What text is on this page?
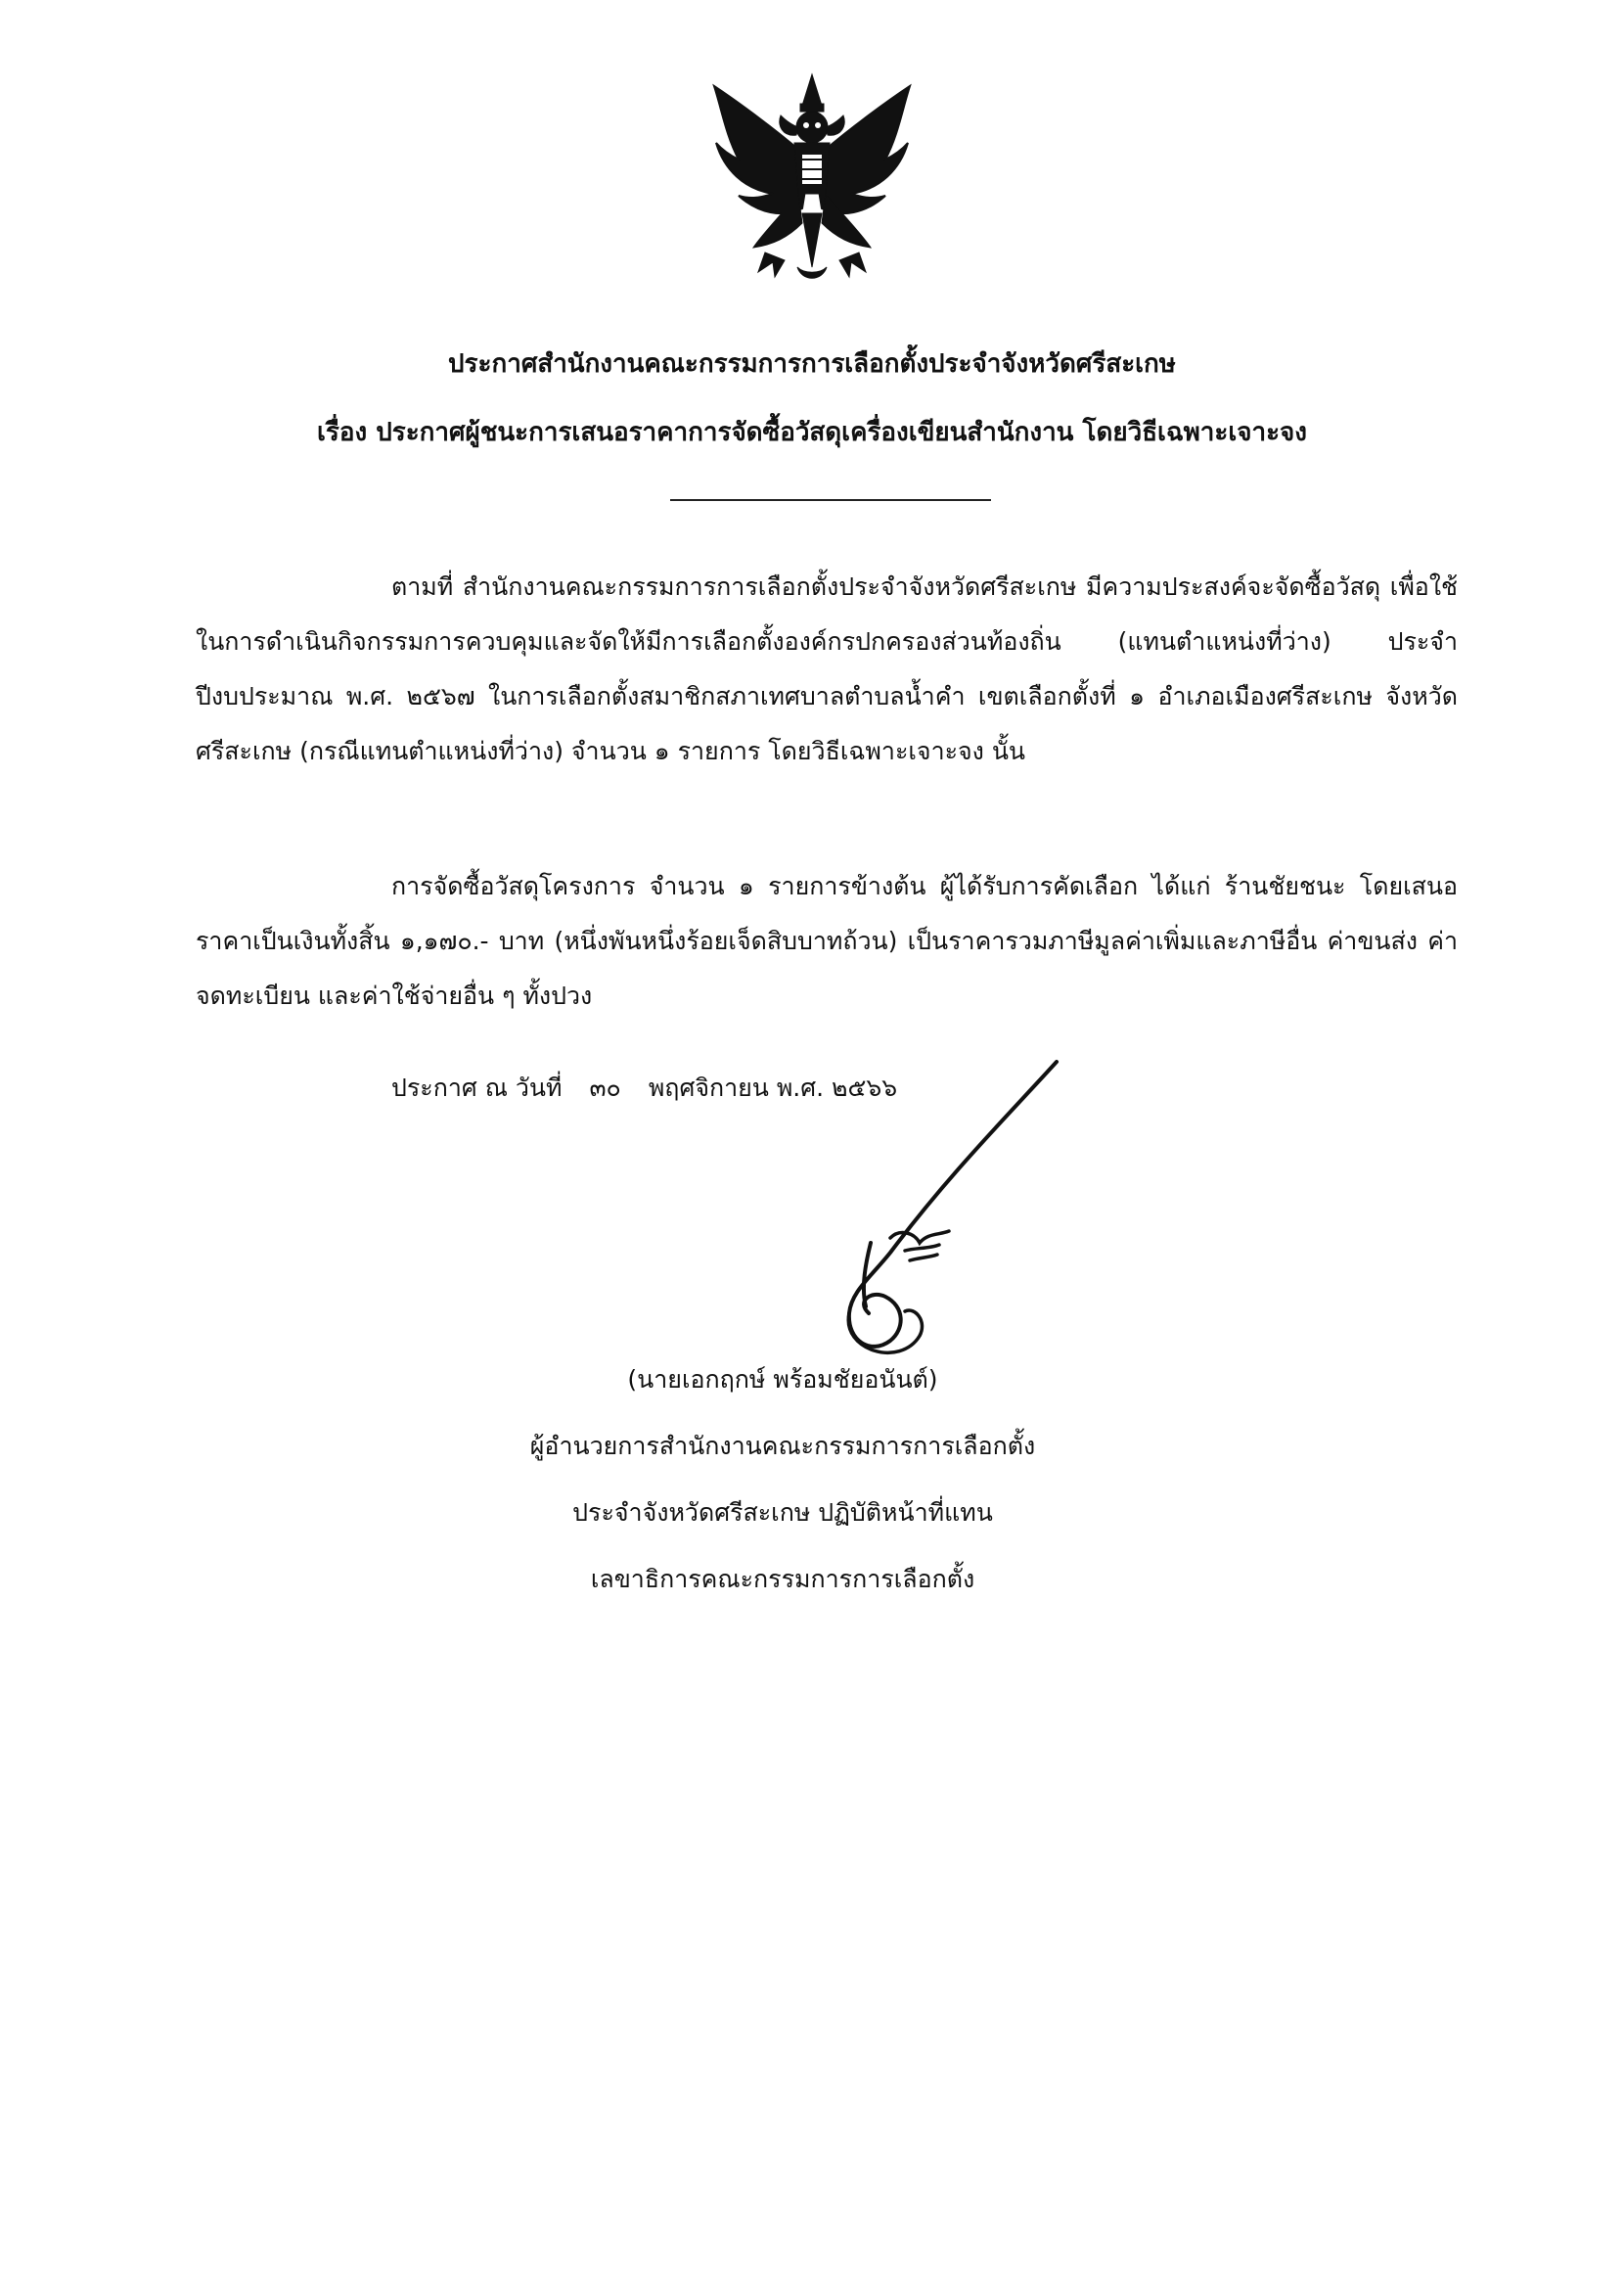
ประกาศสำนักงานคณะกรรมการการเลือกตั้งประจำจังหวัดศรีสะเกษ
เรื่อง ประกาศผู้ชนะการเสนอราคาการจัดซื้อวัสดุเครื่องเขียนสำนักงาน โดยวิธีเฉพาะเจาะจง

ตามที่ สำนักงานคณะกรรมการการเลือกตั้งประจำจังหวัดศรีสะเกษ มีความประสงค์จะจัดซื้อวัสดุ เพื่อใช้ในการดำเนินกิจกรรมการควบคุมและจัดให้มีการเลือกตั้งองค์กรปกครองส่วนท้องถิ่น (แทนตำแหน่งที่ว่าง) ประจำปีงบประมาณ พ.ศ. ๒๕๖๗ ในการเลือกตั้งสมาชิกสภาเทศบาลตำบลน้ำคำ เขตเลือกตั้งที่ ๑ อำเภอเมืองศรีสะเกษ จังหวัดศรีสะเกษ (กรณีแทนตำแหน่งที่ว่าง) จำนวน ๑ รายการ โดยวิธีเฉพาะเจาะจง นั้น

การจัดซื้อวัสดุโครงการ จำนวน ๑ รายการข้างต้น ผู้ได้รับการคัดเลือก ได้แก่ ร้านชัยชนะ โดยเสนอราคาเป็นเงินทั้งสิ้น ๑,๑๗๐.- บาท (หนึ่งพันหนึ่งร้อยเจ็ดสิบบาทถ้วน) เป็นราคารวมภาษีมูลค่าเพิ่มและภาษีอื่น ค่าขนส่ง ค่าจดทะเบียน และค่าใช้จ่ายอื่น ๆ ทั้งปวง

ประกาศ ณ วันที่ ๓๐ พฤศจิกายน พ.ศ. ๒๕๖๖
(นายเอกฤกษ์ พร้อมชัยอนันต์)
ผู้อำนวยการสำนักงานคณะกรรมการการเลือกตั้ง
ประจำจังหวัดศรีสะเกษ ปฏิบัติหน้าที่แทน
เลขาธิการคณะกรรมการการเลือกตั้ง
